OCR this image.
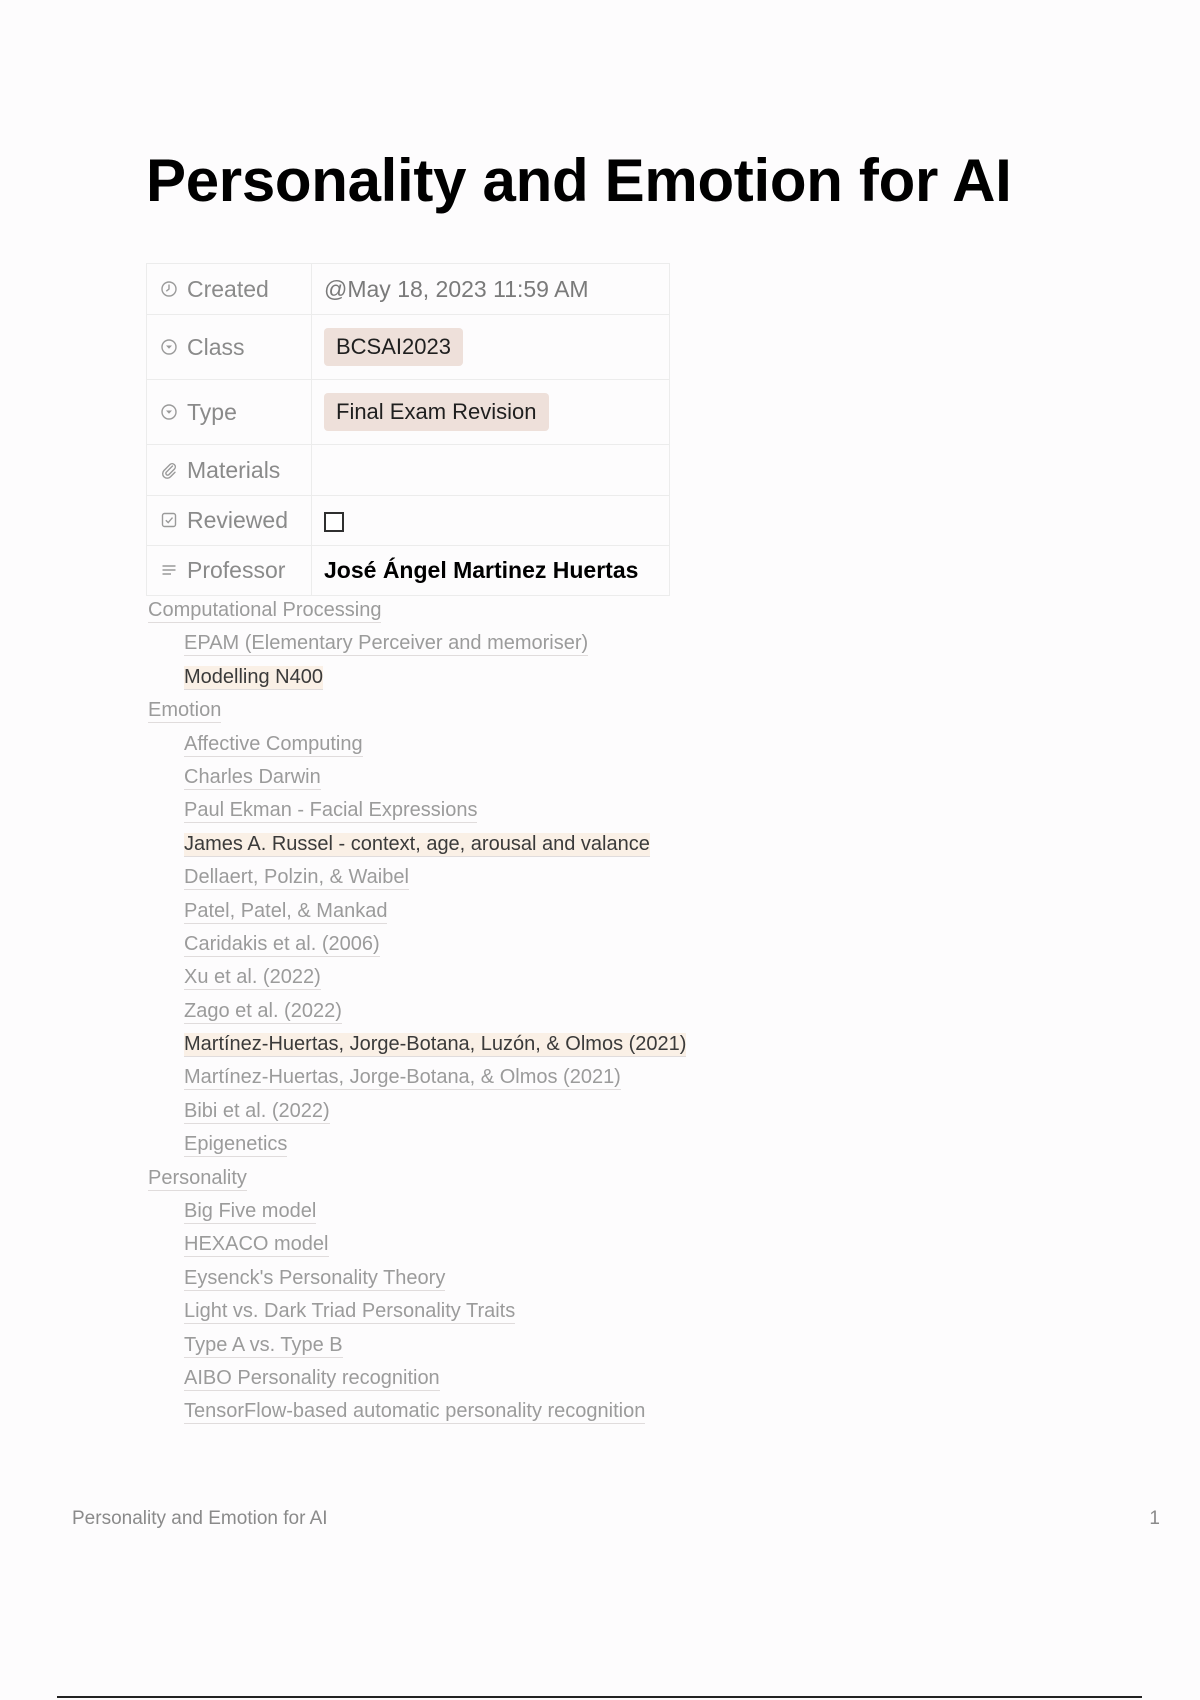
Personality and Emotion for AI
Created	@May 18, 2023 11:59 AM

Class	BCSAI2023

Type	Final Exam Revision

Materials	

Reviewed	

Professor	José Ángel Martinez Huertas
Computational Processing
EPAM (Elementary Perceiver and memoriser)
Modelling N400
Emotion
Affective Computing
Charles Darwin
Paul Ekman - Facial Expressions
James A. Russel - context, age, arousal and valance
Dellaert, Polzin, & Waibel
Patel, Patel, & Mankad
Caridakis et al. (2006)
Xu et al. (2022)
Zago et al. (2022)
Martínez-Huertas, Jorge-Botana, Luzón, & Olmos (2021)
Martínez-Huertas, Jorge-Botana, & Olmos (2021)
Bibi et al. (2022)
Epigenetics
Personality
Big Five model
HEXACO model
Eysenck's Personality Theory
Light vs. Dark Triad Personality Traits
Type A vs. Type B
AIBO Personality recognition
TensorFlow-based automatic personality recognition
Personality and Emotion for AI	1
